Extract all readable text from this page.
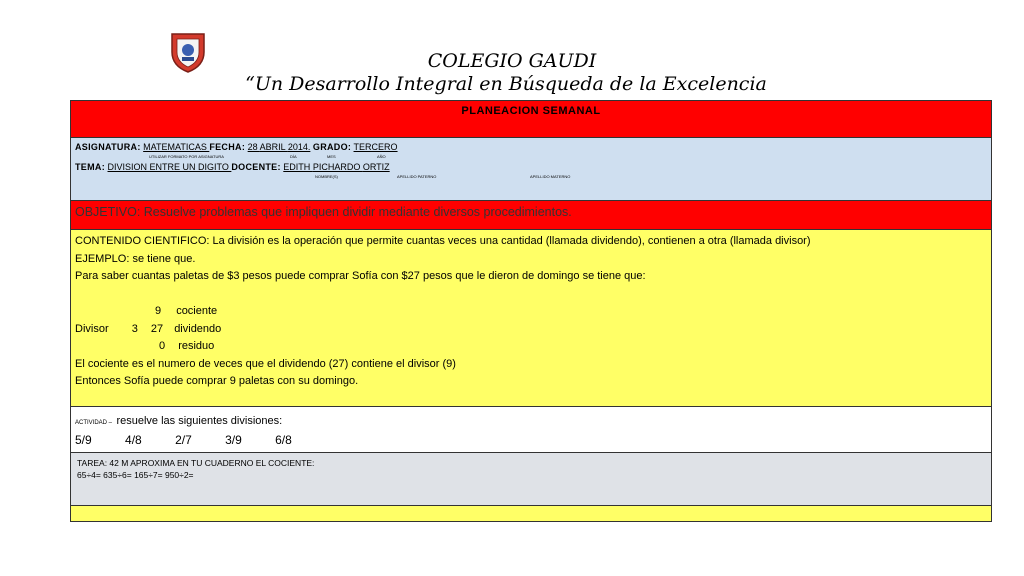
COLEGIO GAUDI
“Un Desarrollo Integral en Búsqueda de la Excelencia
PLANEACION SEMANAL
ASIGNATURA: MATEMATICAS FECHA: 28 ABRIL 2014. GRADO: TERCERO
UTILIZAR FORMATO POR ASIGNATURA	DÍA	MES	AÑO
TEMA: DIVISION ENTRE UN DIGITO DOCENTE: EDITH PICHARDO ORTIZ
NOMBRE(S)	APELLIDO PATERNO	APELLIDO MATERNO
OBJETIVO: Resuelve problemas que impliquen dividir mediante diversos procedimientos.
CONTENIDO CIENTIFICO: La división es la operación que permite cuantas veces una cantidad (llamada dividendo), contienen a otra (llamada divisor)
EJEMPLO: se tiene que.
Para saber cuantas paletas de $3 pesos puede comprar Sofía con $27 pesos que le dieron de domingo se tiene que:
9 cociente
Divisor 3 27 dividendo
0 residuo
El cociente es el numero de veces que el dividendo (27) contiene el divisor (9)
Entonces Sofía puede comprar 9 paletas con su domingo.
ACTIVIDAD – resuelve las siguientes divisiones:
5/9	4/8	2/7	3/9	6/8
TAREA: 42 M APROXIMA EN TU CUADERNO EL COCIENTE:
65÷4= 635÷6= 165÷7= 950÷2=
